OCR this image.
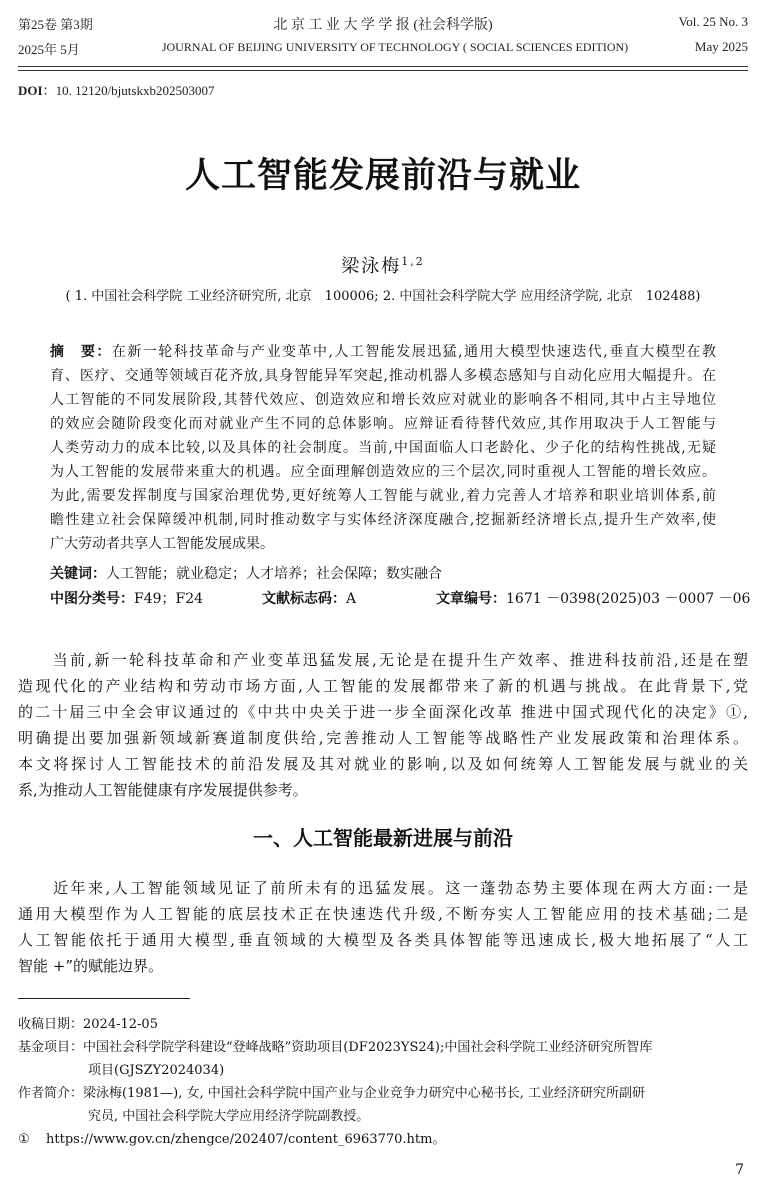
第25卷 第3期
2025年 5月
北 京 工 业 大 学 学 报 (社会科学版)
JOURNAL OF BEIJING UNIVERSITY OF TECHNOLOGY ( SOCIAL SCIENCES EDITION)
Vol. 25 No. 3
May 2025
DOI：10. 12120/bjutskxb202503007
人工智能发展前沿与就业
梁泳梅$^{1,2}$
( 1. 中国社会科学院 工业经济研究所, 北京　100006; 2. 中国社会科学院大学 应用经济学院, 北京　102488)
摘　要：在新一轮科技革命与产业变革中,人工智能发展迅猛,通用大模型快速迭代,垂直大模型在教
育、医疗、交通等领域百花齐放,具身智能异军突起,推动机器人多模态感知与自动化应用大幅提升。在
人工智能的不同发展阶段,其替代效应、创造效应和增长效应对就业的影响各不相同,其中占主导地位
的效应会随阶段变化而对就业产生不同的总体影响。应辩证看待替代效应,其作用取决于人工智能与
人类劳动力的成本比较,以及具体的社会制度。当前,中国面临人口老龄化、少子化的结构性挑战,无疑
为人工智能的发展带来重大的机遇。应全面理解创造效应的三个层次,同时重视人工智能的增长效应。
为此,需要发挥制度与国家治理优势,更好统筹人工智能与就业,着力完善人才培养和职业培训体系,前
瞻性建立社会保障缓冲机制,同时推动数字与实体经济深度融合,挖掘新经济增长点,提升生产效率,使
广大劳动者共享人工智能发展成果。
关键词：人工智能；就业稳定；人才培养；社会保障；数实融合
中图分类号：F49；F24	文献标志码：A	文章编号：1671 －0398(2025)03 －0007 －06
　　当前,新一轮科技革命和产业变革迅猛发展,无论是在提升生产效率、推进科技前沿,还是在塑
造现代化的产业结构和劳动市场方面,人工智能的发展都带来了新的机遇与挑战。在此背景下,党
的二十届三中全会审议通过的《中共中央关于进一步全面深化改革 推进中国式现代化的决定》①,
明确提出要加强新领域新赛道制度供给,完善推动人工智能等战略性产业发展政策和治理体系。
本文将探讨人工智能技术的前沿发展及其对就业的影响,以及如何统筹人工智能发展与就业的关
系,为推动人工智能健康有序发展提供参考。
一、人工智能最新进展与前沿
　　近年来,人工智能领域见证了前所未有的迅猛发展。这一蓬勃态势主要体现在两大方面:一是
通用大模型作为人工智能的底层技术正在快速迭代升级,不断夯实人工智能应用的技术基础;二是
人工智能依托于通用大模型,垂直领域的大模型及各类具体智能等迅速成长,极大地拓展了“人工
智能 +”的赋能边界。
收稿日期：2024-12-05
基金项目：中国社会科学院学科建设“登峰战略”资助项目(DF2023YS24);中国社会科学院工业经济研究所智库
项目(GJSZY2024034)
作者简介：梁泳梅(1981—), 女, 中国社会科学院中国产业与企业竞争力研究中心秘书长, 工业经济研究所副研
究员, 中国社会科学院大学应用经济学院副教授。
① https://www.gov.cn/zhengce/202407/content_6963770.htm。
7
